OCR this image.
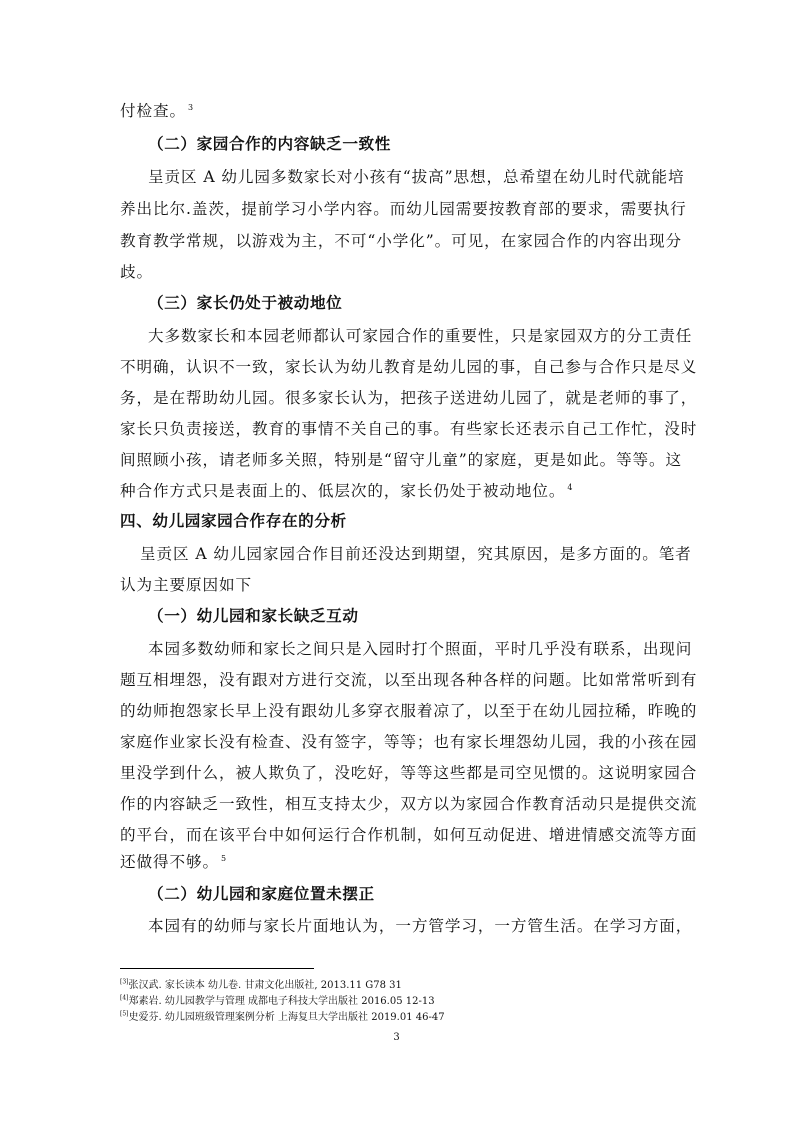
付检查。 $^3$
（二）家园合作的内容缺乏一致性
呈贡区 A 幼儿园多数家长对小孩有“拔高”思想，总希望在幼儿时代就能培
养出比尔.盖茨，提前学习小学内容。而幼儿园需要按教育部的要求，需要执行
教育教学常规，以游戏为主，不可“小学化”。可见，在家园合作的内容出现分
歧。
（三）家长仍处于被动地位
大多数家长和本园老师都认可家园合作的重要性，只是家园双方的分工责任
不明确，认识不一致，家长认为幼儿教育是幼儿园的事，自己参与合作只是尽义
务，是在帮助幼儿园。很多家长认为，把孩子送进幼儿园了，就是老师的事了，
家长只负责接送，教育的事情不关自己的事。有些家长还表示自己工作忙，没时
间照顾小孩，请老师多关照，特别是“留守儿童”的家庭，更是如此。等等。这
种合作方式只是表面上的、低层次的，家长仍处于被动地位。 $^4$
四、幼儿园家园合作存在的分析
呈贡区 A 幼儿园家园合作目前还没达到期望，究其原因，是多方面的。笔者
认为主要原因如下
（一）幼儿园和家长缺乏互动
本园多数幼师和家长之间只是入园时打个照面，平时几乎没有联系，出现问
题互相埋怨，没有跟对方进行交流，以至出现各种各样的问题。比如常常听到有
的幼师抱怨家长早上没有跟幼儿多穿衣服着凉了，以至于在幼儿园拉稀，昨晚的
家庭作业家长没有检查、没有签字，等等；也有家长埋怨幼儿园，我的小孩在园
里没学到什么，被人欺负了，没吃好，等等这些都是司空见惯的。这说明家园合
作的内容缺乏一致性，相互支持太少，双方以为家园合作教育活动只是提供交流
的平台，而在该平台中如何运行合作机制，如何互动促进、增进情感交流等方面
还做得不够。 $^5$
（二）幼儿园和家庭位置未摆正
本园有的幼师与家长片面地认为，一方管学习，一方管生活。在学习方面，
[3]张汉武. 家长读本 幼儿卷. 甘肃文化出版社, 2013.11 G78 31
[4]郑素岩. 幼儿园教学与管理 成都电子科技大学出版社 2016.05 12-13
[5]史爱芬. 幼儿园班级管理案例分析 上海复旦大学出版社 2019.01 46-47
3
